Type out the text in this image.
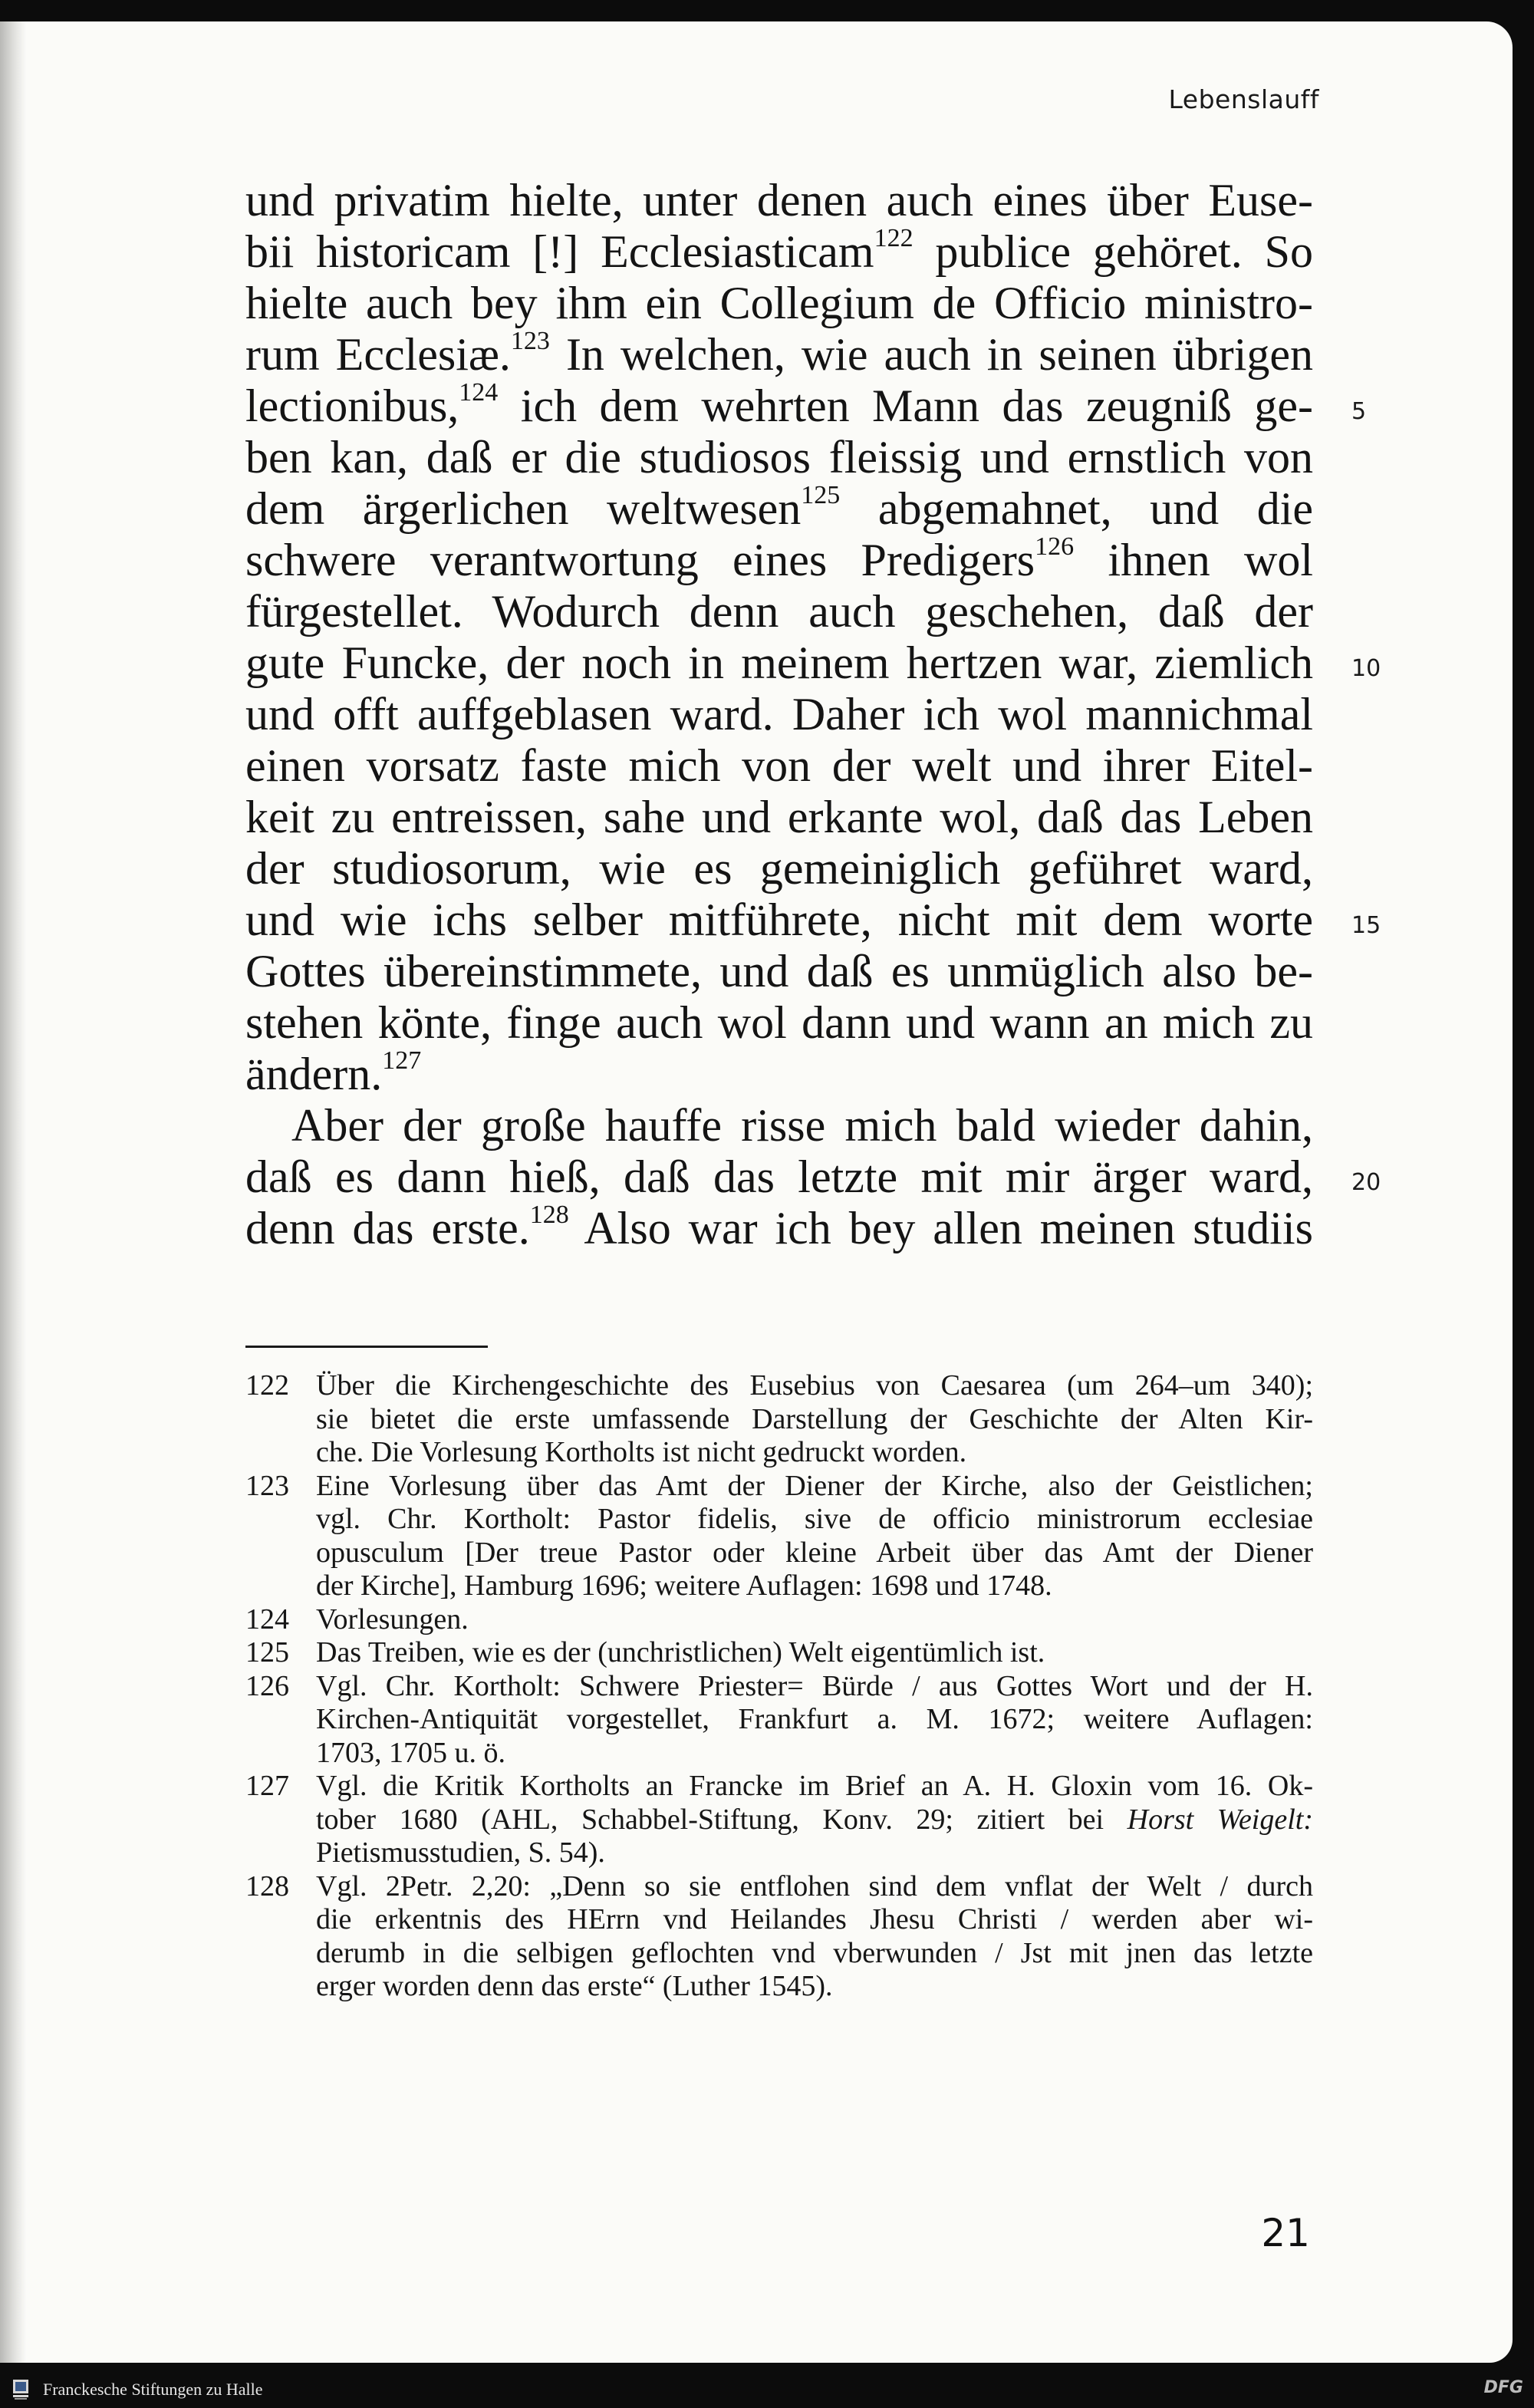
Lebenslauff
und privatim hielte, unter denen auch eines über Euse-
bii historicam [!] Ecclesiasticam$^{122}$ publice gehöret. So
hielte auch bey ihm ein Collegium de Officio ministro-
rum Ecclesiæ.$^{123}$ In welchen, wie auch in seinen übrigen
lectionibus,$^{124}$ ich dem wehrten Mann das zeugniß ge-
ben kan, daß er die studiosos fleissig und ernstlich von
dem ärgerlichen weltwesen$^{125}$ abgemahnet, und die
schwere verantwortung eines Predigers$^{126}$ ihnen wol
fürgestellet. Wodurch denn auch geschehen, daß der
gute Funcke, der noch in meinem hertzen war, ziemlich
und offt auffgeblasen ward. Daher ich wol mannichmal
einen vorsatz faste mich von der welt und ihrer Eitel-
keit zu entreissen, sahe und erkante wol, daß das Leben
der studiosorum, wie es gemeiniglich geführet ward,
und wie ichs selber mitführete, nicht mit dem worte
Gottes übereinstimmete, und daß es unmüglich also be-
stehen könte, finge auch wol dann und wann an mich zu
ändern.$^{127}$
Aber der große hauffe risse mich bald wieder dahin,
daß es dann hieß, daß das letzte mit mir ärger ward,
denn das erste.$^{128}$ Also war ich bey allen meinen studiis
5
10
15
20
122 Über die Kirchengeschichte des Eusebius von Caesarea (um 264–um 340);
sie bietet die erste umfassende Darstellung der Geschichte der Alten Kir-
che. Die Vorlesung Kortholts ist nicht gedruckt worden.
123 Eine Vorlesung über das Amt der Diener der Kirche, also der Geistlichen;
vgl. Chr. Kortholt: Pastor fidelis, sive de officio ministrorum ecclesiae
opusculum [Der treue Pastor oder kleine Arbeit über das Amt der Diener
der Kirche], Hamburg 1696; weitere Auflagen: 1698 und 1748.
124 Vorlesungen.
125 Das Treiben, wie es der (unchristlichen) Welt eigentümlich ist.
126 Vgl. Chr. Kortholt: Schwere Priester= Bürde / aus Gottes Wort und der H.
Kirchen-Antiquität vorgestellet, Frankfurt a. M. 1672; weitere Auflagen:
1703, 1705 u. ö.
127 Vgl. die Kritik Kortholts an Francke im Brief an A. H. Gloxin vom 16. Ok-
tober 1680 (AHL, Schabbel-Stiftung, Konv. 29; zitiert bei Horst Weigelt:
Pietismusstudien, S. 54).
128 Vgl. 2Petr. 2,20: „Denn so sie entflohen sind dem vnflat der Welt / durch
die erkentnis des HErrn vnd Heilandes Jhesu Christi / werden aber wi-
derumb in die selbigen geflochten vnd vberwunden / Jst mit jnen das letzte
erger worden denn das erste“ (Luther 1545).
21
Franckesche Stiftungen zu Halle	DFG
